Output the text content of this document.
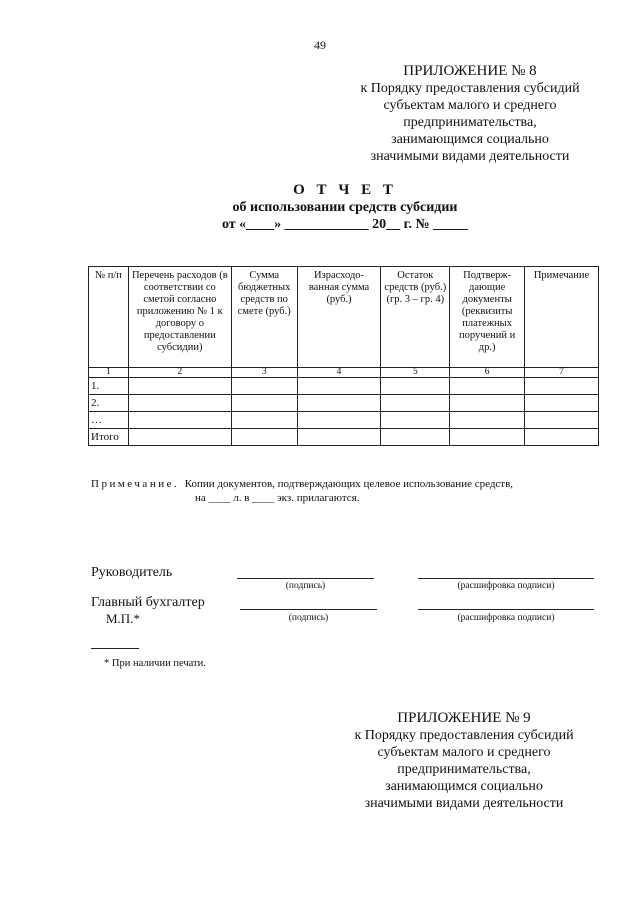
49
ПРИЛОЖЕНИЕ № 8
к Порядку предоставления субсидий
субъектам малого и среднего
предпринимательства,
занимающимся социально
значимыми видами деятельности
О Т Ч Е Т
об использовании средств субсидии
от «____» ____________ 20__ г. № _____
№ п/п	Перечень расходов (в соответствии со сметой согласно приложению № 1 к договору о предоставлении субсидии)	Сумма бюджетных средств по смете (руб.)	Израсходо-ванная сумма (руб.)	Остаток средств (руб.) (гр. 3 – гр. 4)	Подтверж-дающие документы (реквизиты платежных поручений и др.)	Примечание
1	2	3	4	5	6	7
1.						
2.						
…						
Итого						
Примечание. Копии документов, подтверждающих целевое использование средств,
на ____ л. в ____ экз. прилагаются.
Руководитель
(подпись)	(расшифровка подписи)
Главный бухгалтер
М.П.*	(подпись)	(расшифровка подписи)
* При наличии печати.
ПРИЛОЖЕНИЕ № 9
к Порядку предоставления субсидий
субъектам малого и среднего
предпринимательства,
занимающимся социально
значимыми видами деятельности
